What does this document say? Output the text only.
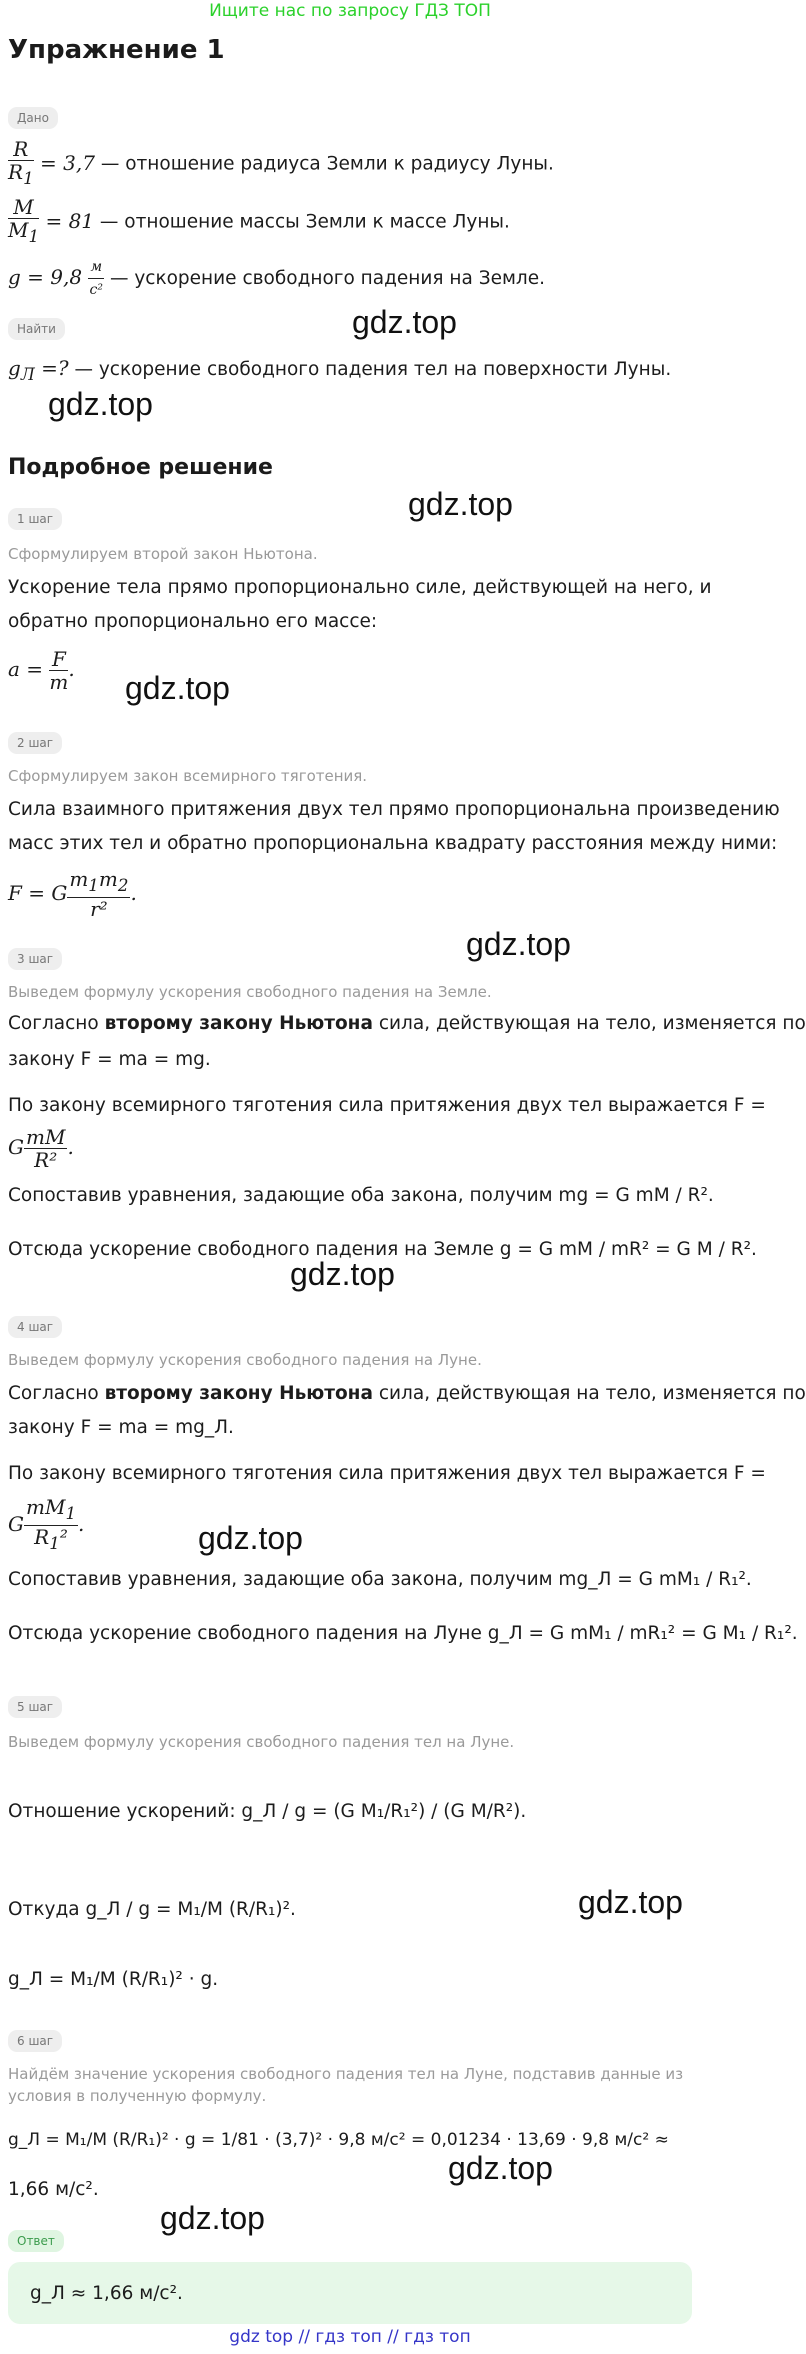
Ищите нас по запросу ГДЗ ТОП
Упражнение 1
Дано
$\frac{R}{R_1} = 3,7$ — отношение радиуса Земли к радиусу Луны.
$\frac{M}{M_1} = 81$ — отношение массы Земли к массе Луны.
$g = 9,8 \frac{м}{\text{c²}}$ — ускорение свободного падения на Земле.
Найти
$g_Л$ =? — ускорение свободного падения тел на поверхности Луны.
Подробное решение
1 шаг
Сформулируем второй закон Ньютона.
Ускорение тела прямо пропорционально силе, действующей на него, и
обратно пропорционально его массе:
$a = \frac{F}{m}$ .
2 шаг
Сформулируем закон всемирного тяготения.
Сила взаимного притяжения двух тел прямо пропорциональна произведению
масс этих тел и обратно пропорциональна квадрату расстояния между ними:
F = G $\frac{m_1m_2}{\text{r²}}$ .
3 шаг
Выведем формулу ускорения свободного падения на Земле.
Согласно второму закону Ньютона сила, действующая на тело, изменяется по
закону F = ma = mg.
По закону всемирного тяготения сила притяжения двух тел выражается F =
G $\frac{mM}{\text{R²}}$ .
Сопоставив уравнения, задающие оба закона, получим mg = G mM / R².
Отсюда ускорение свободного падения на Земле g = G mM / mR² = G M / R².
4 шаг
Выведем формулу ускорения свободного падения на Луне.
Согласно второму закону Ньютона сила, действующая на тело, изменяется по
закону F = ma = mg_Л.
По закону всемирного тяготения сила притяжения двух тел выражается F =
G $\frac{mM_1}{R_1^2}$ .
Сопоставив уравнения, задающие оба закона, получим mg_Л = G mM₁ / R₁².
Отсюда ускорение свободного падения на Луне g_Л = G mM₁ / mR₁² = G M₁ / R₁².
5 шаг
Выведем формулу ускорения свободного падения тел на Луне.
Отношение ускорений: g_Л / g = (G M₁/R₁²) / (G M/R²).
Откуда g_Л / g = M₁/M (R/R₁)².
g_Л = M₁/M (R/R₁)² · g.
6 шаг
Найдём значение ускорения свободного падения тел на Луне, подставив данные из
условия в полученную формулу.
g_Л = M₁/M (R/R₁)² · g = 1/81 · (3,7)² · 9,8 м/c² = 0,01234 · 13,69 · 9,8 м/c² ≈
1,66 м/c².
Ответ
g_Л ≈ 1,66 м/c².
gdz.top
gdz.top
gdz.top
gdz.top
gdz.top
gdz.top
gdz.top
gdz.top
gdz.top
gdz.top
gdz top // гдз топ // гдз топ
